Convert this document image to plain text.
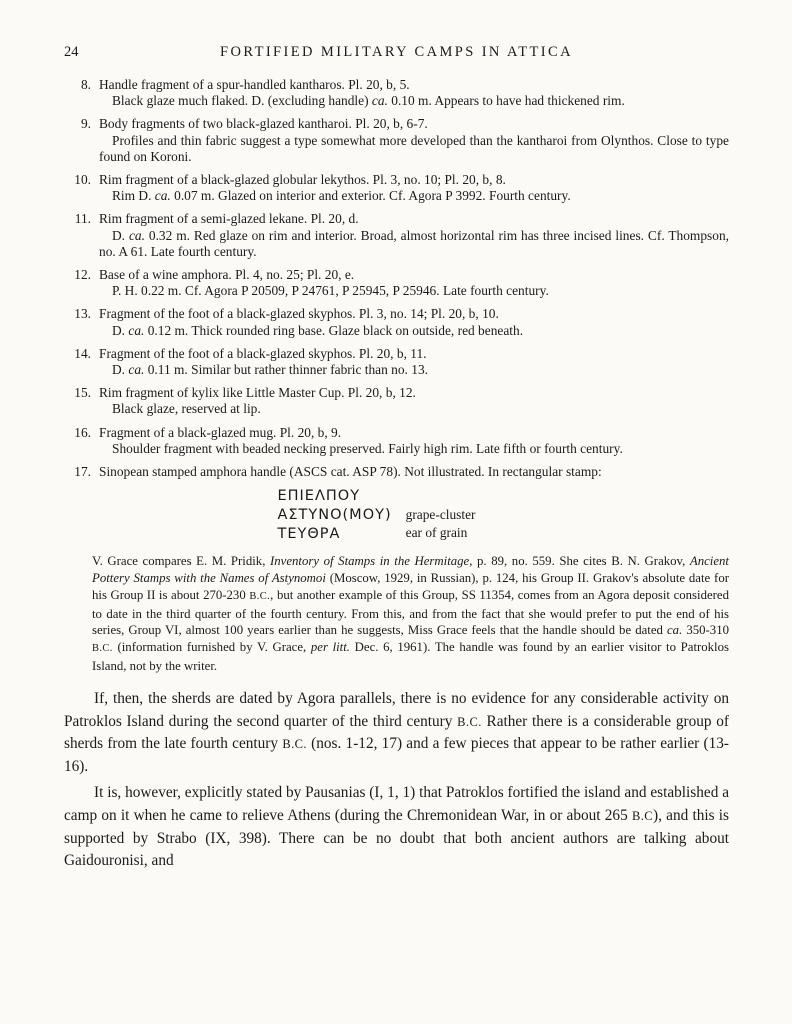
24	FORTIFIED MILITARY CAMPS IN ATTICA
8. Handle fragment of a spur-handled kantharos. Pl. 20, b, 5.
Black glaze much flaked. D. (excluding handle) ca. 0.10 m. Appears to have had thickened rim.
9. Body fragments of two black-glazed kantharoi. Pl. 20, b, 6-7.
Profiles and thin fabric suggest a type somewhat more developed than the kantharoi from Olynthos. Close to type found on Koroni.
10. Rim fragment of a black-glazed globular lekythos. Pl. 3, no. 10; Pl. 20, b, 8.
Rim D. ca. 0.07 m. Glazed on interior and exterior. Cf. Agora P 3992. Fourth century.
11. Rim fragment of a semi-glazed lekane. Pl. 20, d.
D. ca. 0.32 m. Red glaze on rim and interior. Broad, almost horizontal rim has three incised lines. Cf. Thompson, no. A 61. Late fourth century.
12. Base of a wine amphora. Pl. 4, no. 25; Pl. 20, e.
P. H. 0.22 m. Cf. Agora P 20509, P 24761, P 25945, P 25946. Late fourth century.
13. Fragment of the foot of a black-glazed skyphos. Pl. 3, no. 14; Pl. 20, b, 10.
D. ca. 0.12 m. Thick rounded ring base. Glaze black on outside, red beneath.
14. Fragment of the foot of a black-glazed skyphos. Pl. 20, b, 11.
D. ca. 0.11 m. Similar but rather thinner fabric than no. 13.
15. Rim fragment of kylix like Little Master Cup. Pl. 20, b, 12.
Black glaze, reserved at lip.
16. Fragment of a black-glazed mug. Pl. 20, b, 9.
Shoulder fragment with beaded necking preserved. Fairly high rim. Late fifth or fourth century.
17. Sinopean stamped amphora handle (ASCS cat. ASP 78). Not illustrated. In rectangular stamp:
ΕΠΙΕΛΠΟΥ
ΑΣΤΥΝΟ(ΜΟΥ)
ΤΕΥΘΡΑ
grape-cluster
ear of grain

V. Grace compares E. M. Pridik, Inventory of Stamps in the Hermitage, p. 89, no. 559. She cites B. N. Grakov, Ancient Pottery Stamps with the Names of Astynomoi (Moscow, 1929, in Russian), p. 124, his Group II. Grakov's absolute date for his Group II is about 270-230 B.C., but another example of this Group, SS 11354, comes from an Agora deposit considered to date in the third quarter of the fourth century. From this, and from the fact that she would prefer to put the end of his series, Group VI, almost 100 years earlier than he suggests, Miss Grace feels that the handle should be dated ca. 350-310 B.C. (information furnished by V. Grace, per litt. Dec. 6, 1961). The handle was found by an earlier visitor to Patroklos Island, not by the writer.

If, then, the sherds are dated by Agora parallels, there is no evidence for any considerable activity on Patroklos Island during the second quarter of the third century B.C. Rather there is a considerable group of sherds from the late fourth century B.C. (nos. 1-12, 17) and a few pieces that appear to be rather earlier (13-16).

It is, however, explicitly stated by Pausanias (I, 1, 1) that Patroklos fortified the island and established a camp on it when he came to relieve Athens (during the Chremonidean War, in or about 265 B.C), and this is supported by Strabo (IX, 398). There can be no doubt that both ancient authors are talking about Gaidouronisi, and
